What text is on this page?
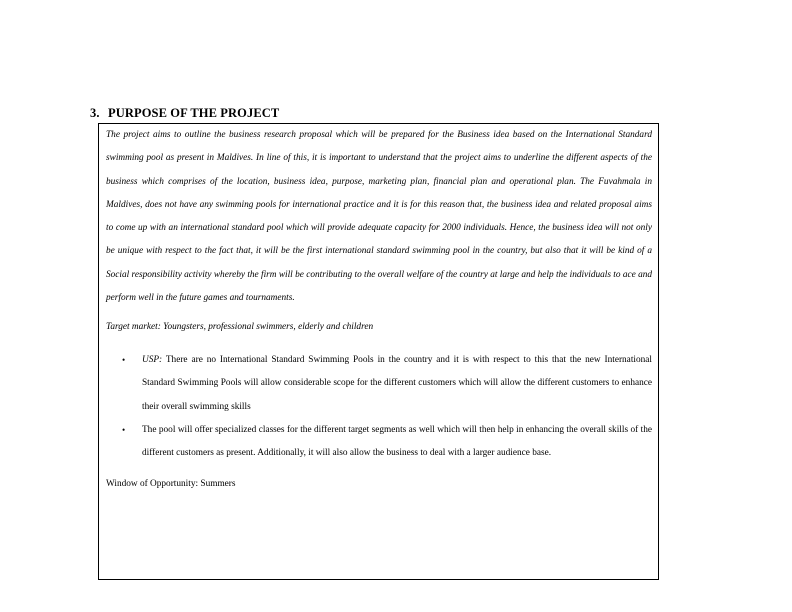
3. PURPOSE OF THE PROJECT
The project aims to outline the business research proposal which will be prepared for the Business idea based on the International Standard swimming pool as present in Maldives. In line of this, it is important to understand that the project aims to underline the different aspects of the business which comprises of the location, business idea, purpose, marketing plan, financial plan and operational plan. The Fuvahmala in Maldives, does not have any swimming pools for international practice and it is for this reason that, the business idea and related proposal aims to come up with an international standard pool which will provide adequate capacity for 2000 individuals. Hence, the business idea will not only be unique with respect to the fact that, it will be the first international standard swimming pool in the country, but also that it will be kind of a Social responsibility activity whereby the firm will be contributing to the overall welfare of the country at large and help the individuals to ace and perform well in the future games and tournaments.
Target market: Youngsters, professional swimmers, elderly and children
• USP: There are no International Standard Swimming Pools in the country and it is with respect to this that the new International Standard Swimming Pools will allow considerable scope for the different customers which will allow the different customers to enhance their overall swimming skills
• The pool will offer specialized classes for the different target segments as well which will then help in enhancing the overall skills of the different customers as present. Additionally, it will also allow the business to deal with a larger audience base.
Window of Opportunity: Summers
